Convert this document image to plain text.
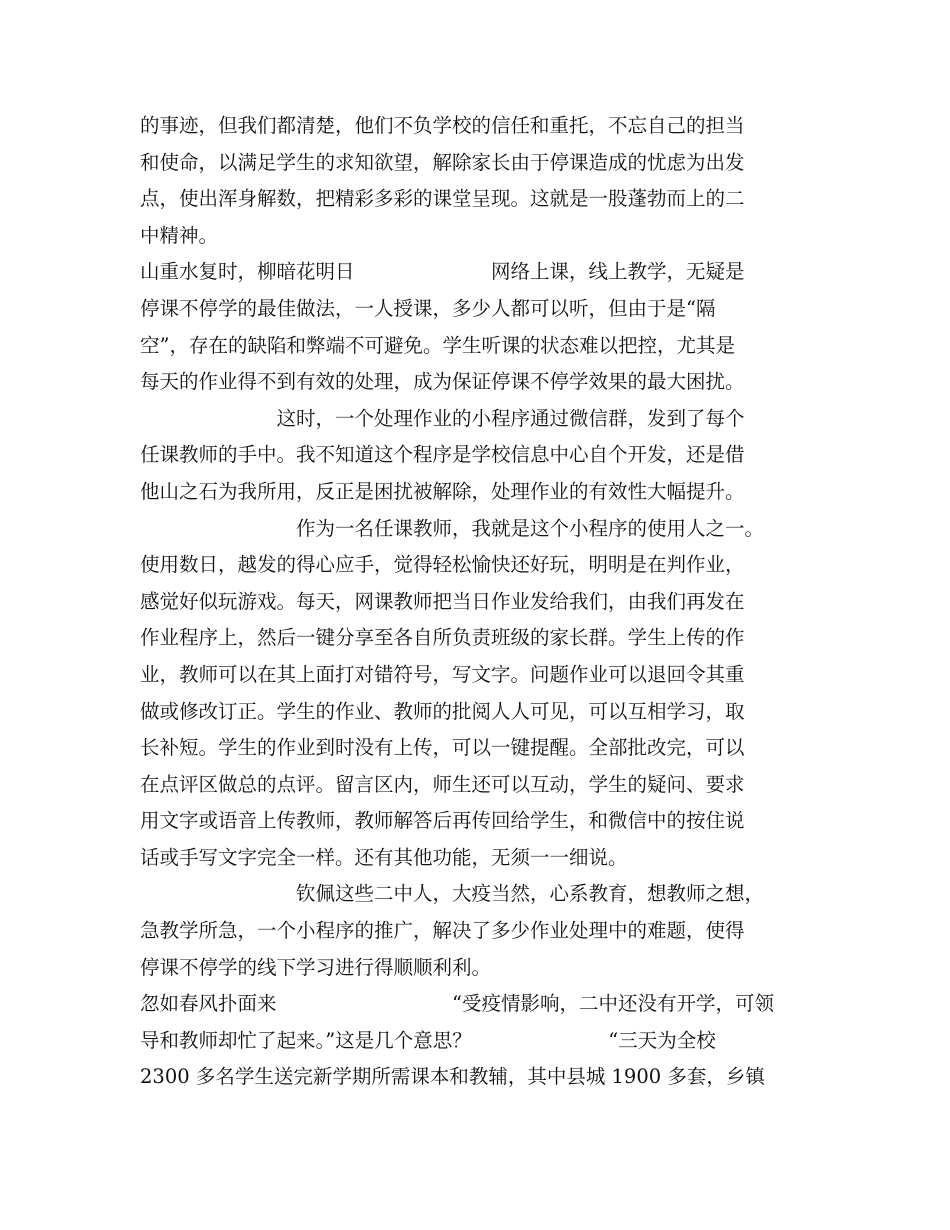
的事迹，但我们都清楚，他们不负学校的信任和重托，不忘自己的担当
和使命，以满足学生的求知欲望，解除家长由于停课造成的忧虑为出发
点，使出浑身解数，把精彩多彩的课堂呈现。这就是一股蓬勃而上的二
中精神。
山重水复时，柳暗花明日　　　　　　　网络上课，线上教学，无疑是
停课不停学的最佳做法，一人授课，多少人都可以听，但由于是“隔
空”，存在的缺陷和弊端不可避免。学生听课的状态难以把控，尤其是
每天的作业得不到有效的处理，成为保证停课不停学效果的最大困扰。
　　　　　　　这时，一个处理作业的小程序通过微信群，发到了每个
任课教师的手中。我不知道这个程序是学校信息中心自个开发，还是借
他山之石为我所用，反正是困扰被解除，处理作业的有效性大幅提升。
　　　　　　　　作为一名任课教师，我就是这个小程序的使用人之一。
使用数日，越发的得心应手，觉得轻松愉快还好玩，明明是在判作业，
感觉好似玩游戏。每天，网课教师把当日作业发给我们，由我们再发在
作业程序上，然后一键分享至各自所负责班级的家长群。学生上传的作
业，教师可以在其上面打对错符号，写文字。问题作业可以退回令其重
做或修改订正。学生的作业、教师的批阅人人可见，可以互相学习，取
长补短。学生的作业到时没有上传，可以一键提醒。全部批改完，可以
在点评区做总的点评。留言区内，师生还可以互动，学生的疑问、要求
用文字或语音上传教师，教师解答后再传回给学生，和微信中的按住说
话或手写文字完全一样。还有其他功能，无须一一细说。
　　　　　　　　钦佩这些二中人，大疫当然，心系教育，想教师之想，
急教学所急，一个小程序的推广，解决了多少作业处理中的难题，使得
停课不停学的线下学习进行得顺顺利利。
忽如春风扑面来　　　　　　　　　“受疫情影响，二中还没有开学，可领
导和教师却忙了起来。”这是几个意思？　　　　　　　“三天为全校
2300 多名学生送完新学期所需课本和教辅，其中县城 1900 多套，乡镇
